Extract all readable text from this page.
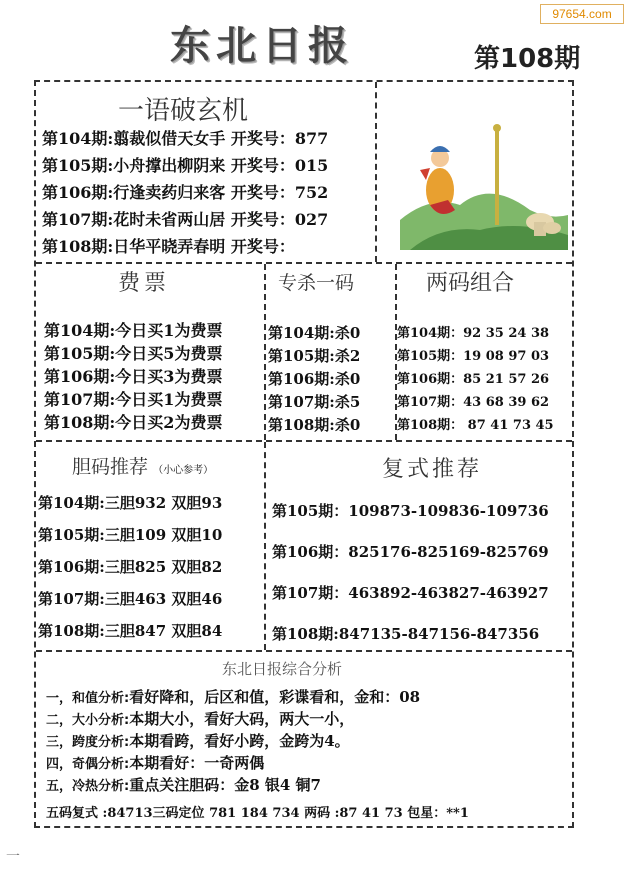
97654.com
东北日报	第108期
一语破玄机
第104期:翦裁似借天女手 开奖号：877
第105期:小舟撑出柳阴来 开奖号：015
第106期:行逢卖药归来客 开奖号：752
第107期:花时未省两山居 开奖号：027
第108期:日华平晓弄春明 开奖号：
费票
第104期:今日买1为费票
第105期:今日买5为费票
第106期:今日买3为费票
第107期:今日买1为费票
第108期:今日买2为费票
专杀一码
第104期:杀0
第105期:杀2
第106期:杀0
第107期:杀5
第108期:杀0
两码组合
第104期：92 35 24 38
第105期：19 08 97 03
第106期：85 21 57 26
第107期：43 68 39 62
第108期： 87 41 73 45
胆码推荐 （小心参考）
第104期:三胆932 双胆93
第105期:三胆109 双胆10
第106期:三胆825 双胆82
第107期:三胆463 双胆46
第108期:三胆847 双胆84
复式推荐
第105期：109873-109836-109736
第106期：825176-825169-825769
第107期：463892-463827-463927
第108期:847135-847156-847356
东北日报综合分析
一，和值分析:看好降和，后区和值，彩谍看和，金和：08
二，大小分析:本期大小，看好大码，两大一小，
三，跨度分析:本期看跨，看好小跨，金跨为4。
四，奇偶分析:本期看好：一奇两偶
五，冷热分析:重点关注胆码：金8 银4 铜7
五码复式 :84713三码定位 781 184 734 两码 :87 41 73 包星：**1
一
